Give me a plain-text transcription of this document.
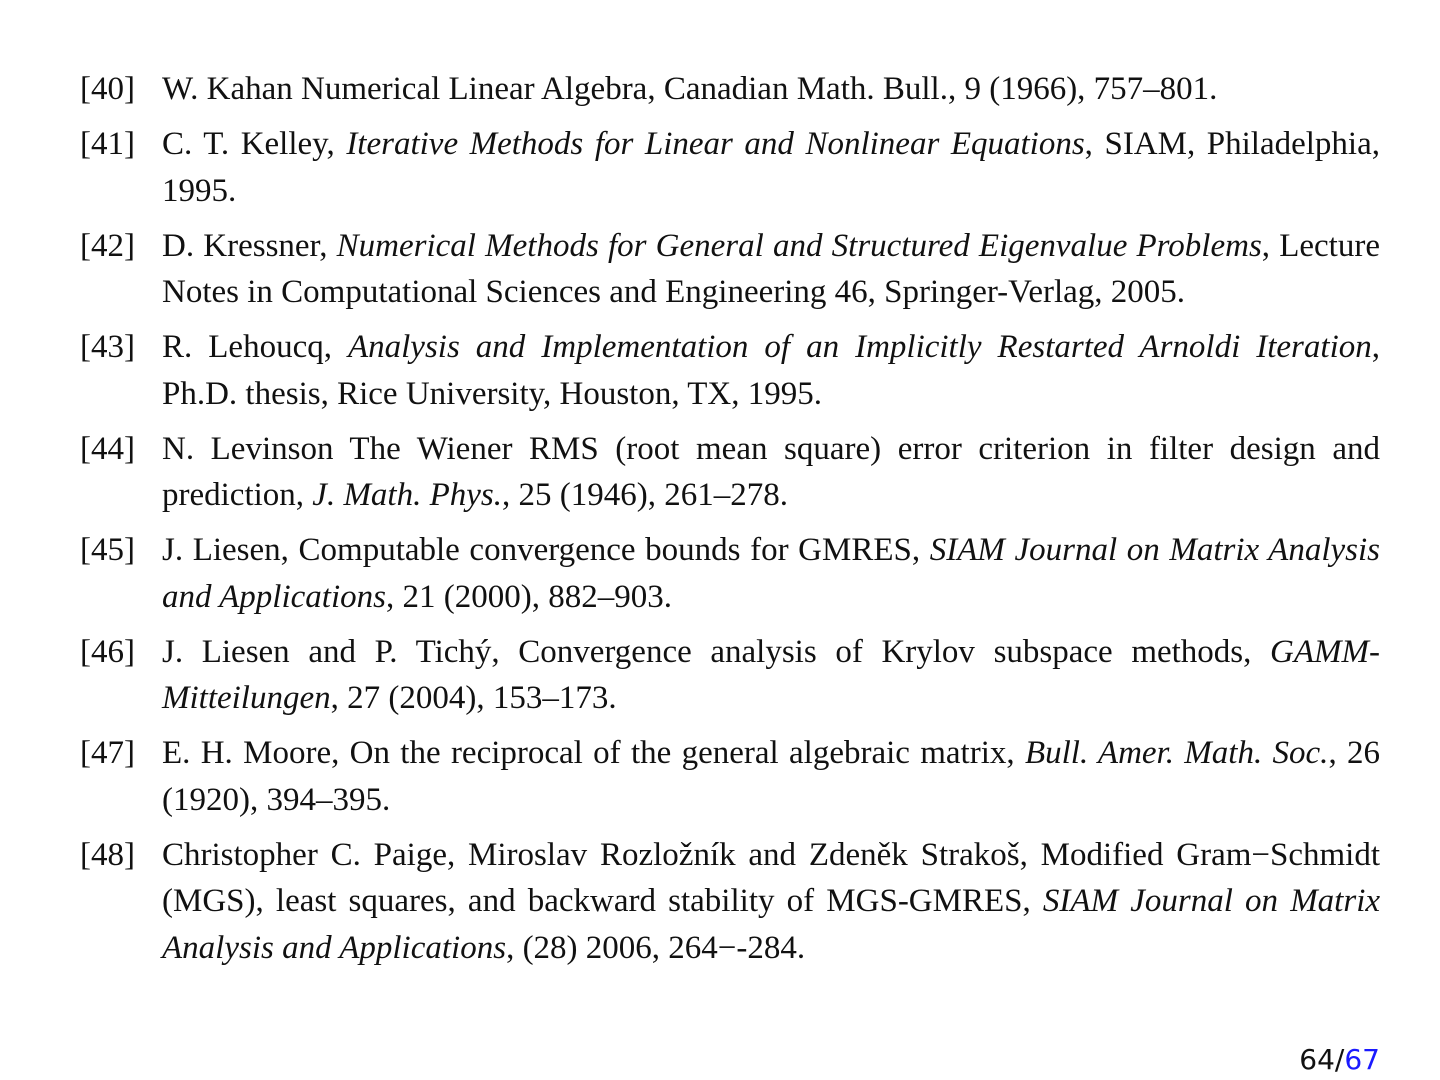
[40] W. Kahan Numerical Linear Algebra, Canadian Math. Bull., 9 (1966), 757–801.
[41] C. T. Kelley, Iterative Methods for Linear and Nonlinear Equations, SIAM, Philadelphia, 1995.
[42] D. Kressner, Numerical Methods for General and Structured Eigenvalue Problems, Lecture Notes in Computational Sciences and Engineering 46, Springer-Verlag, 2005.
[43] R. Lehoucq, Analysis and Implementation of an Implicitly Restarted Arnoldi Iteration, Ph.D. thesis, Rice University, Houston, TX, 1995.
[44] N. Levinson The Wiener RMS (root mean square) error criterion in filter design and prediction, J. Math. Phys., 25 (1946), 261–278.
[45] J. Liesen, Computable convergence bounds for GMRES, SIAM Journal on Matrix Analysis and Applications, 21 (2000), 882–903.
[46] J. Liesen and P. Tichý, Convergence analysis of Krylov subspace methods, GAMM-Mitteilungen, 27 (2004), 153–173.
[47] E. H. Moore, On the reciprocal of the general algebraic matrix, Bull. Amer. Math. Soc., 26 (1920), 394–395.
[48] Christopher C. Paige, Miroslav Rozložník and Zdeněk Strakoš, Modified Gram−Schmidt (MGS), least squares, and backward stability of MGS-GMRES, SIAM Journal on Matrix Analysis and Applications, (28) 2006, 264−-284.
64/67
